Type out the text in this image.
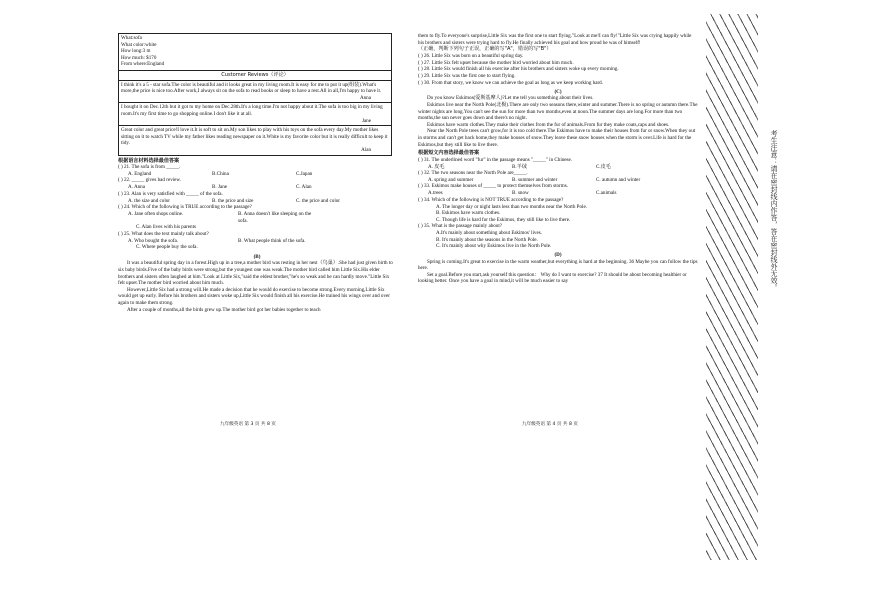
What:sofa

What color:white

How long:3 m

How much: $170

From where:England

Customer Reviews（评论）

I think it's a 5 - star sofa.The color is beautiful and it looks great in my living room.It is easy for me to put it up(组装).What's more,the price is nice too.After work,I always sit on the sofa to read books or sleep to have a rest.All in all,I'm happy to have it.

Anna

I bought it on Dec.12th but it got to my home on Dec.28th.It's a long time.I'm not happy about it.The sofa is too big in my living room.It's my first time to go shopping online.I don't like it at all.

Jane

Great color and great price!I love it.It is soft to sit on.My son likes to play with his toys on the sofa every day.My mother likes sitting on it to watch TV while my father likes reading newspaper on it.White is my favorite color but it is really difficult to keep it tidy.

Alan

根据语言材料选择最佳答案

( ) 21. The sofa is from _____.

A. England	B.China	C.Japan

( ) 22. _____ gives bad review.

A. Anna	B. Jane	C. Alan

( ) 23. Alan is very satisfied with _____ of the sofa.

A. the size and color	B. the price and size	C. the price and color

( ) 24. Which of the following is TRUE according to the passage?

A. Jane often shops online.	B. Anna doesn't like sleeping on the sofa.
C. Alan lives with his parents

( ) 25. What does the text mainly talk about?

A. Who bought the sofa.	B. What people think of the sofa.
C. Where people buy the sofa.

(B)

It was a beautiful spring day in a forest.High up in a tree,a mother bird was resting in her nest（鸟巢）.She had just given birth to six baby birds.Five of the baby birds were strong,but the youngest one was weak.The mother bird called him Little Six.His elder brothers and sisters often laughed at him."Look at Little Six,"said the eldest brother,"he's so weak and he can hardly move."Little Six felt upset.The mother bird worried about him much.

However,Little Six had a strong will.He made a decision that he would do exercise to become strong.Every morning,Little Six would get up early. Before his brothers and sisters woke up,Little Six would finish all his exercise.He trained his wings over and over again to make them strong.

After a couple of months,all the birds grew up.The mother bird got her babies together to teach

九年级英语 第 3 页 共 8 页

them to fly.To everyone's surprise,Little Six was the first one to start flying."Look at me!I can fly!"Little Six was crying happily while his brothers and sisters were trying hard to fly.He finally achieved his goal and how proud he was of himself!

（正确，判断下列句子正误，正确的写"A"，错误的写"B"）

( ) 26. Little Six was born on a beautiful spring day.

( ) 27. Little Six felt upset because the mother bird worried about him much.

( ) 28. Little Six would finish all his exercise after his brothers and sisters woke up every morning.

( ) 29. Little Six was the first one to start flying.

( ) 30. From that story, we know we can achieve the goal as long as we keep working hard.

(C)

Do you know Eskimos(爱斯基摩人)?Let me tell you something about their lives.

Eskimos live near the North Pole(北极).There are only two seasons there,winter and summer.There is no spring or autumn there.The winter nights are long.You can't see the sun for more than two months,even at noon.The summer days are long.For more than two months,the sun never goes down and there's no night.

Eskimos have warm clothes.They make their clothes from the fur of animals.From fur they make coats,caps and shoes.

Near the North Pole trees can't grow,for it is too cold there.The Eskimos have to make their houses from fur or snow.When they out in storms and can't get back home,they make houses of snow.They leave these snow houses when the storm is over.Life is hard for the Eskimos,but they still like to live there.

根据短文内容选择最佳答案

( ) 31. The underlined word "fur" in the passage means "_____" in Chinese.

A. 皮毛	B.羊绒	C.皮毛

( ) 32. The two seasons near the North Pole are_____.

A. spring and summer	B. summer and winter	C. autumn and winter

( ) 33. Eskimos make houses of _____ to protect themselves from storms.

A.trees	B. snow	C.animals

( ) 34. Which of the following is NOT TRUE according to the passage?

A. The longer day or night lasts less than two months near the North Pole.
B. Eskimos have warm clothes.
C. Though life is hard for the Eskimos, they still like to live there.

( ) 35. What is the passage mainly about?

A.It's mainly about something about Eskimos' lives.
B. It's mainly about the seasons in the North Pole.
C. It's mainly about why Eskimos live in the North Pole.

(D)

Spring is coming.It's great to exercise in the warm weather,but everything is hard at the beginning. 36 Maybe you can follow the tips here.

Set a goal.Before you start,ask yourself this question： Why do I want to exercise? 37 It should be about becoming healthier or looking better. Once you have a goal in mind,it will be much easier to say

九年级英语 第 4 页 共 8 页
考生注意：请在密封线内作答，答在密封线外无效。
